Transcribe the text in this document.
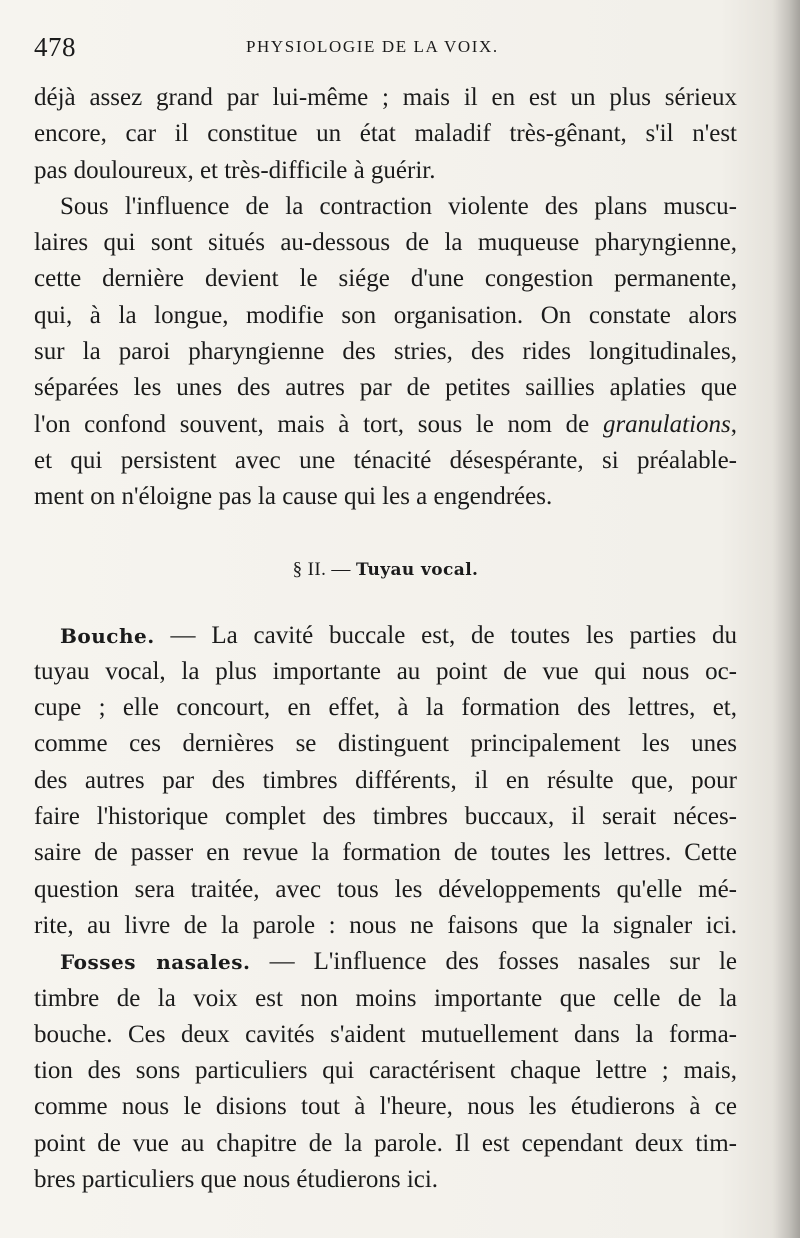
478	PHYSIOLOGIE DE LA VOIX.

déjà assez grand par lui-même ; mais il en est un plus sérieux

encore, car il constitue un état maladif très-gênant, s'il n'est

pas douloureux, et très-difficile à guérir.

Sous l'influence de la contraction violente des plans muscu-

laires qui sont situés au-dessous de la muqueuse pharyngienne,

cette dernière devient le siége d'une congestion permanente,

qui, à la longue, modifie son organisation. On constate alors

sur la paroi pharyngienne des stries, des rides longitudinales,

séparées les unes des autres par de petites saillies aplaties que

l'on confond souvent, mais à tort, sous le nom de granulations,

et qui persistent avec une ténacité désespérante, si préalable-

ment on n'éloigne pas la cause qui les a engendrées.

§ II. — Tuyau vocal.

Bouche. — La cavité buccale est, de toutes les parties du

tuyau vocal, la plus importante au point de vue qui nous oc-

cupe ; elle concourt, en effet, à la formation des lettres, et,

comme ces dernières se distinguent principalement les unes

des autres par des timbres différents, il en résulte que, pour

faire l'historique complet des timbres buccaux, il serait néces-

saire de passer en revue la formation de toutes les lettres. Cette

question sera traitée, avec tous les développements qu'elle mé-

rite, au livre de la parole : nous ne faisons que la signaler ici.

Fosses nasales. — L'influence des fosses nasales sur le

timbre de la voix est non moins importante que celle de la

bouche. Ces deux cavités s'aident mutuellement dans la forma-

tion des sons particuliers qui caractérisent chaque lettre ; mais,

comme nous le disions tout à l'heure, nous les étudierons à ce

point de vue au chapitre de la parole. Il est cependant deux tim-

bres particuliers que nous étudierons ici.
